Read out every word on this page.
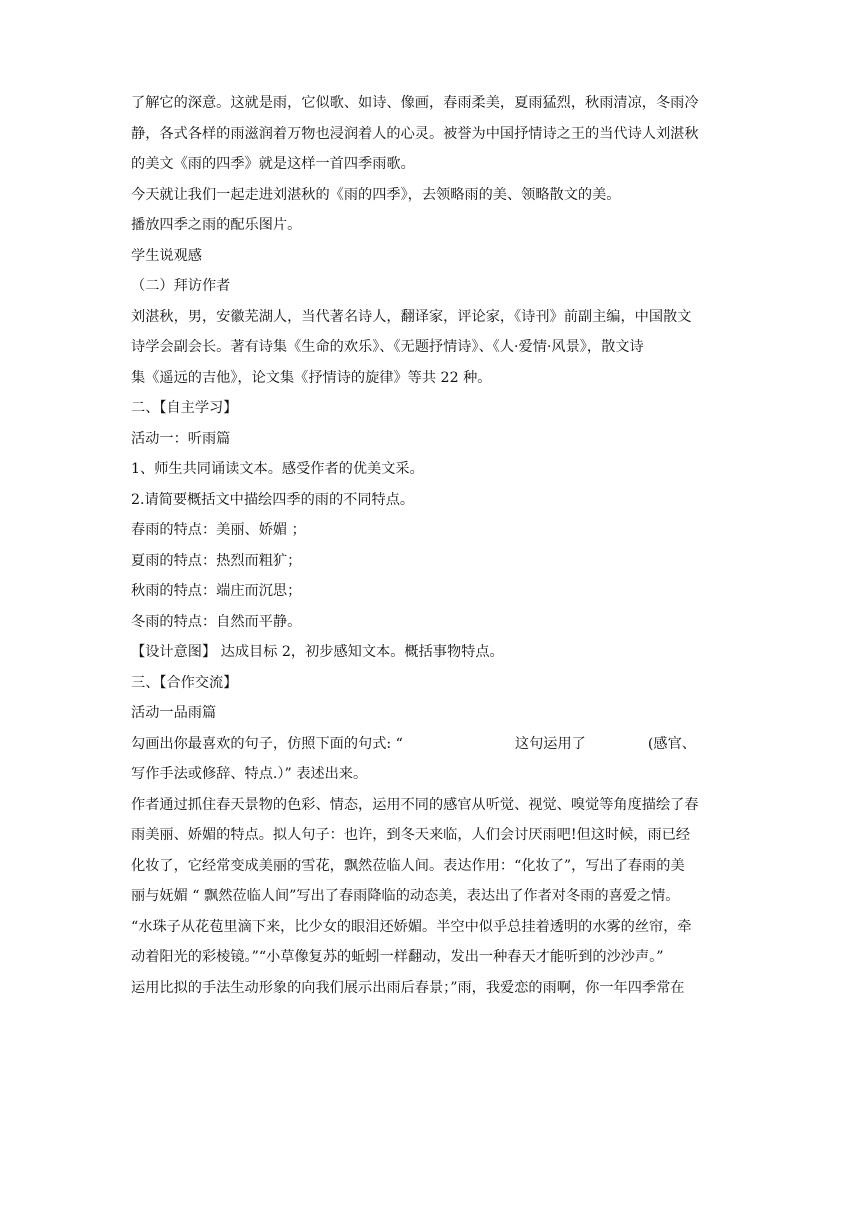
了解它的深意。这就是雨，它似歌、如诗、像画，春雨柔美，夏雨猛烈，秋雨清凉，冬雨冷
静，各式各样的雨滋润着万物也浸润着人的心灵。被誉为中国抒情诗之王的当代诗人刘湛秋
的美文《雨的四季》就是这样一首四季雨歌。
今天就让我们一起走进刘湛秋的《雨的四季》，去领略雨的美、领略散文的美。
播放四季之雨的配乐图片。
学生说观感
（二）拜访作者
刘湛秋，男，安徽芜湖人，当代著名诗人，翻译家，评论家，《诗刊》前副主编，中国散文
诗学会副会长。著有诗集《生命的欢乐》、《无题抒情诗》、《人·爱情·风景》，散文诗
集《遥远的吉他》，论文集《抒情诗的旋律》等共 22 种。
二、【自主学习】
活动一：听雨篇
1、师生共同诵读文本。感受作者的优美文采。
2.请简要概括文中描绘四季的雨的不同特点。
春雨的特点：美丽、娇媚 ；
夏雨的特点：热烈而粗犷；
秋雨的特点：端庄而沉思；
冬雨的特点：自然而平静。
【设计意图】 达成目标 2，初步感知文本。概括事物特点。
三、【合作交流】
活动一品雨篇
勾画出你最喜欢的句子，仿照下面的句式: “	这句运用了	(感官、
写作手法或修辞、特点.）” 表述出来。
作者通过抓住春天景物的色彩、情态，运用不同的感官从听觉、视觉、嗅觉等角度描绘了春
雨美丽、娇媚的特点。拟人句子：也许，到冬天来临，人们会讨厌雨吧!但这时候，雨已经
化妆了，它经常变成美丽的雪花，飘然莅临人间。表达作用：“化妆了”，写出了春雨的美
丽与妩媚 “ 飘然莅临人间”写出了春雨降临的动态美，表达出了作者对冬雨的喜爱之情。
“水珠子从花苞里滴下来，比少女的眼泪还娇媚。半空中似乎总挂着透明的水雾的丝帘，牵
动着阳光的彩棱镜。”“小草像复苏的蚯蚓一样翻动，发出一种春天才能听到的沙沙声。”
运用比拟的手法生动形象的向我们展示出雨后春景；”雨，我爱恋的雨啊，你一年四季常在
